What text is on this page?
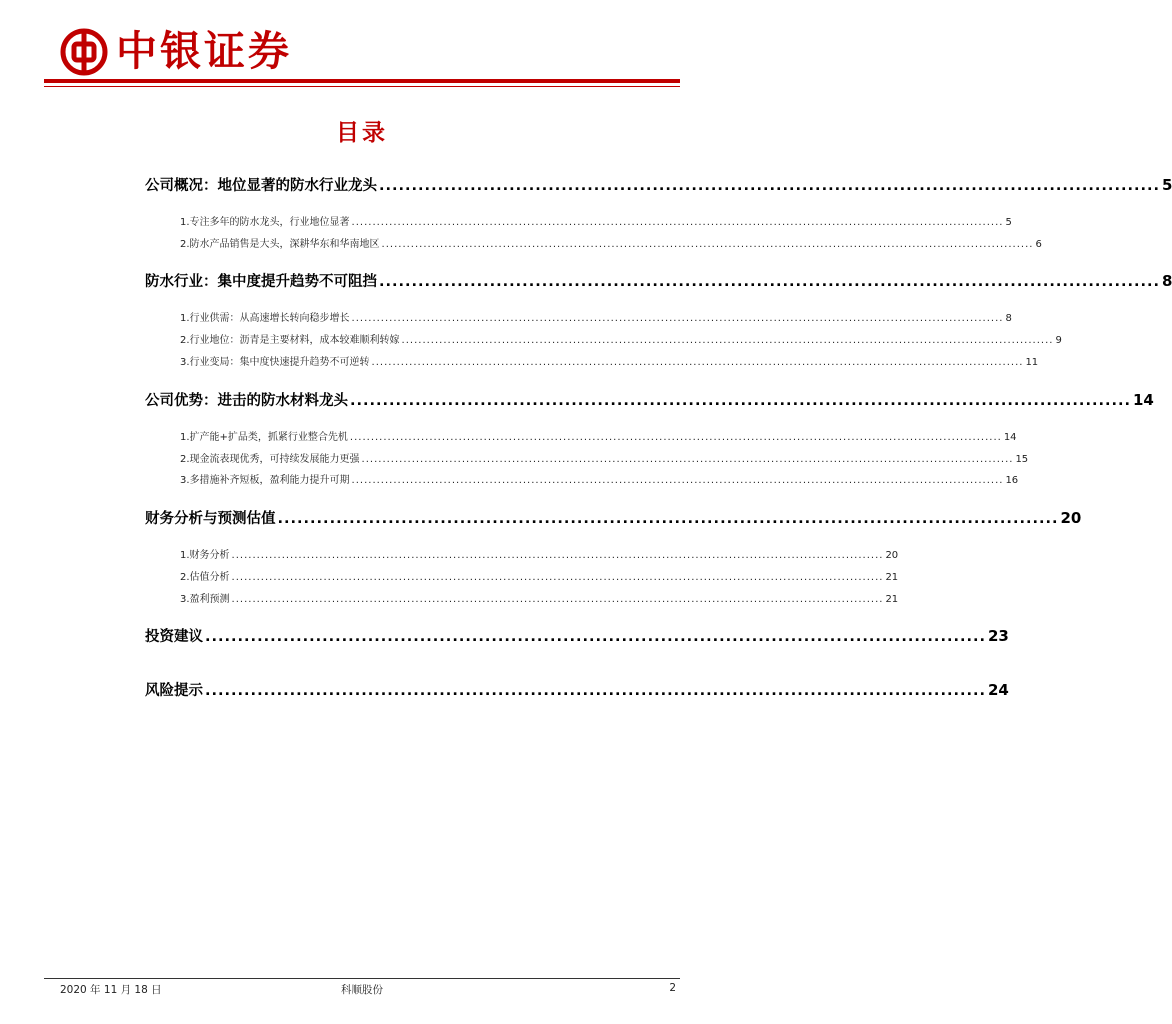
中银证券
目录
公司概况：地位显著的防水行业龙头 ........................................................................................................................ 5
1.专注多年的防水龙头，行业地位显著 ............................................................................................................................................................ 5
2.防水产品销售是大头，深耕华东和华南地区 ............................................................................................................................................................ 6
防水行业：集中度提升趋势不可阻挡 ........................................................................................................................ 8
1.行业供需：从高速增长转向稳步增长 ............................................................................................................................................................ 8
2.行业地位：沥青是主要材料，成本较难顺利转嫁 ............................................................................................................................................................ 9
3.行业变局：集中度快速提升趋势不可逆转 ............................................................................................................................................................ 11
公司优势：进击的防水材料龙头 ........................................................................................................................ 14
1.扩产能+扩品类，抓紧行业整合先机 ............................................................................................................................................................ 14
2.现金流表现优秀，可持续发展能力更强 ............................................................................................................................................................ 15
3.多措施补齐短板，盈利能力提升可期 ............................................................................................................................................................ 16
财务分析与预测估值 ........................................................................................................................ 20
1.财务分析 ............................................................................................................................................................ 20
2.估值分析 ............................................................................................................................................................ 21
3.盈利预测 ............................................................................................................................................................ 21
投资建议 ........................................................................................................................ 23
风险提示 ........................................................................................................................ 24
2020 年 11 月 18 日	科顺股份	2
